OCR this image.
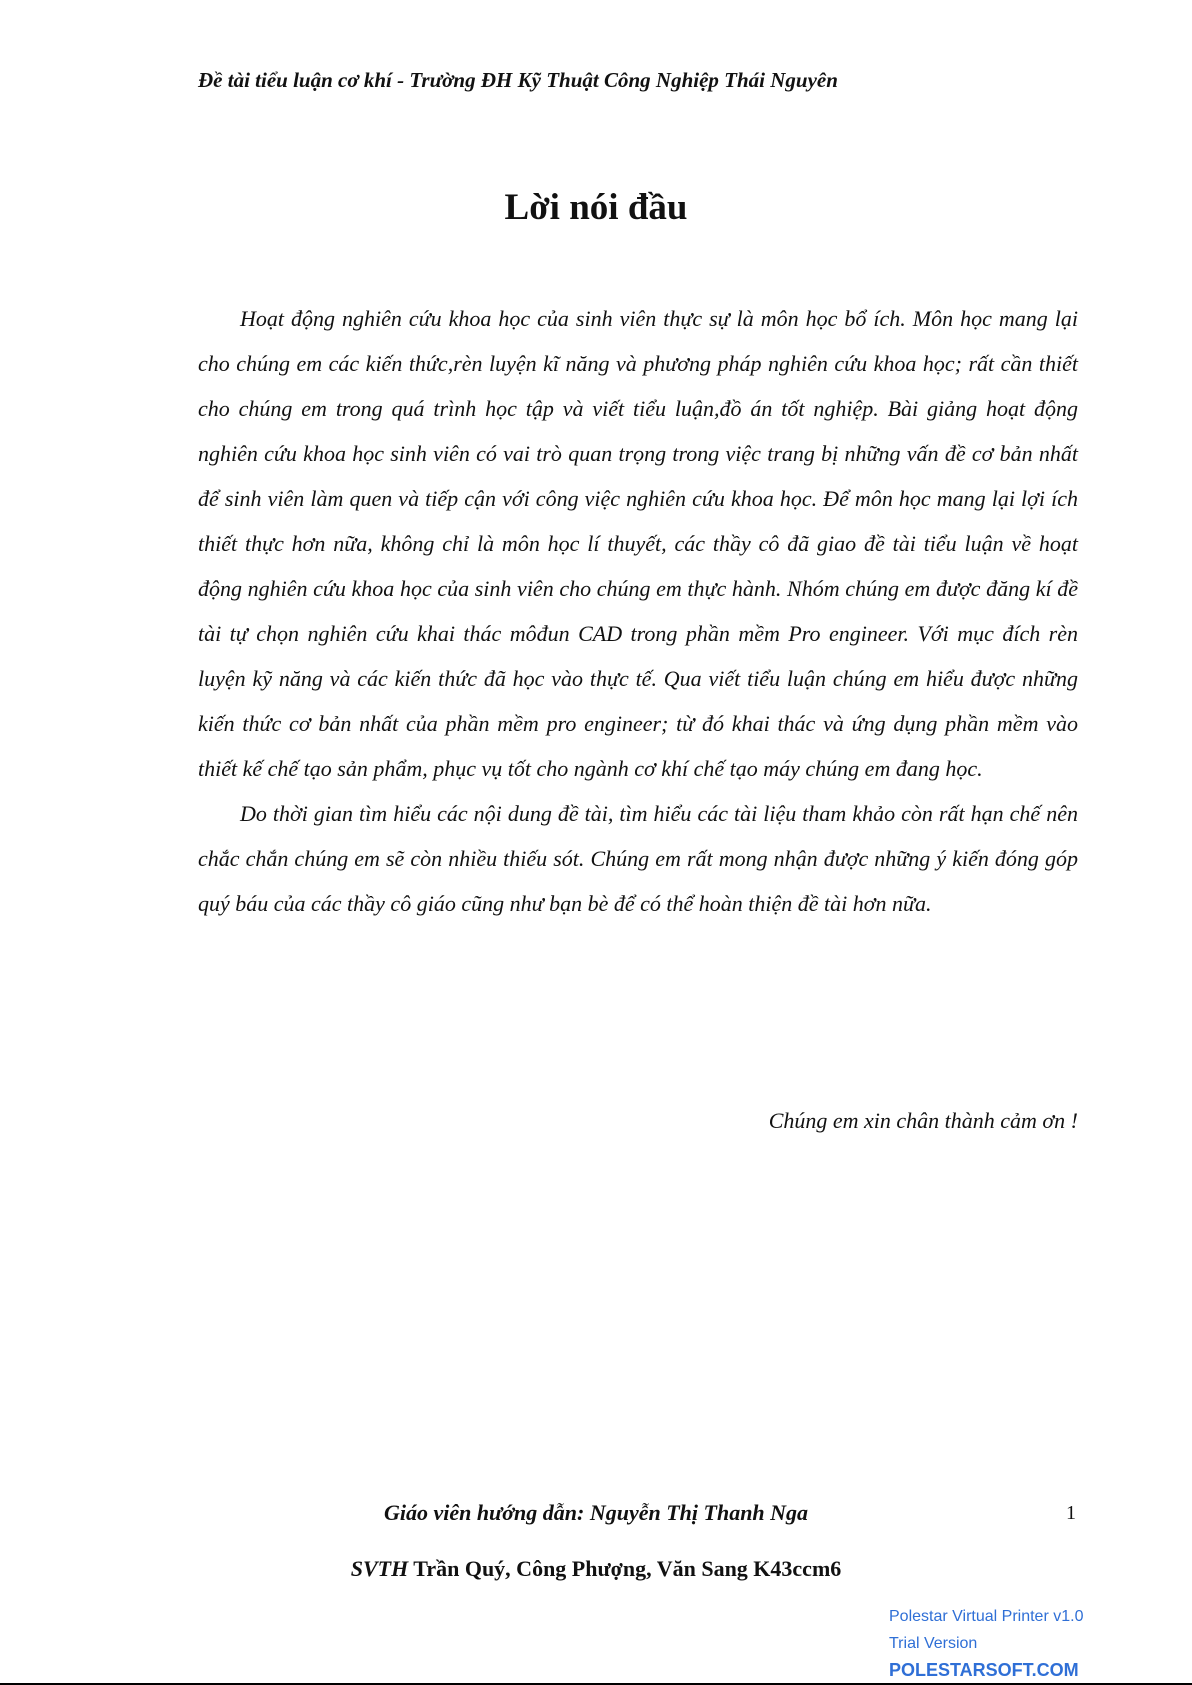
Đề tài tiểu luận cơ khí - Trường ĐH Kỹ Thuật Công Nghiệp Thái Nguyên
Lời nói đầu

Hoạt động nghiên cứu khoa học của sinh viên thực sự là môn học bổ ích. Môn học mang lại cho chúng em các kiến thức,rèn luyện kĩ năng và phương pháp nghiên cứu khoa học; rất cần thiết cho chúng em trong quá trình học tập và viết tiểu luận,đồ án tốt nghiệp. Bài giảng hoạt động nghiên cứu khoa học sinh viên có vai trò quan trọng trong việc trang bị những vấn đề cơ bản nhất để sinh viên làm quen và tiếp cận với công việc nghiên cứu khoa học. Để môn học mang lại lợi ích thiết thực hơn nữa, không chỉ là môn học lí thuyết, các thầy cô đã giao đề tài tiểu luận về hoạt động nghiên cứu khoa học của sinh viên cho chúng em thực hành. Nhóm chúng em được đăng kí đề tài tự chọn nghiên cứu khai thác môđun CAD trong phần mềm Pro engineer. Với mục đích rèn luyện kỹ năng và các kiến thức đã học vào thực tế. Qua viết tiểu luận chúng em hiểu được những kiến thức cơ bản nhất của phần mềm pro engineer; từ đó khai thác và ứng dụng phần mềm vào thiết kế chế tạo sản phẩm, phục vụ tốt cho ngành cơ khí chế tạo máy chúng em đang học.

Do thời gian tìm hiểu các nội dung đề tài, tìm hiểu các tài liệu tham khảo còn rất hạn chế nên chắc chắn chúng em sẽ còn nhiều thiếu sót. Chúng em rất mong nhận được những ý kiến đóng góp quý báu của các thầy cô giáo cũng như bạn bè để có thể hoàn thiện đề tài hơn nữa.

Chúng em xin chân thành cảm ơn !
Giáo viên hướng dẫn: Nguyễn Thị Thanh Nga	1
SVTH Trần Quý, Công Phượng, Văn Sang K43ccm6
Polestar Virtual Printer v1.0
Trial Version
POLESTARSOFT.COM
